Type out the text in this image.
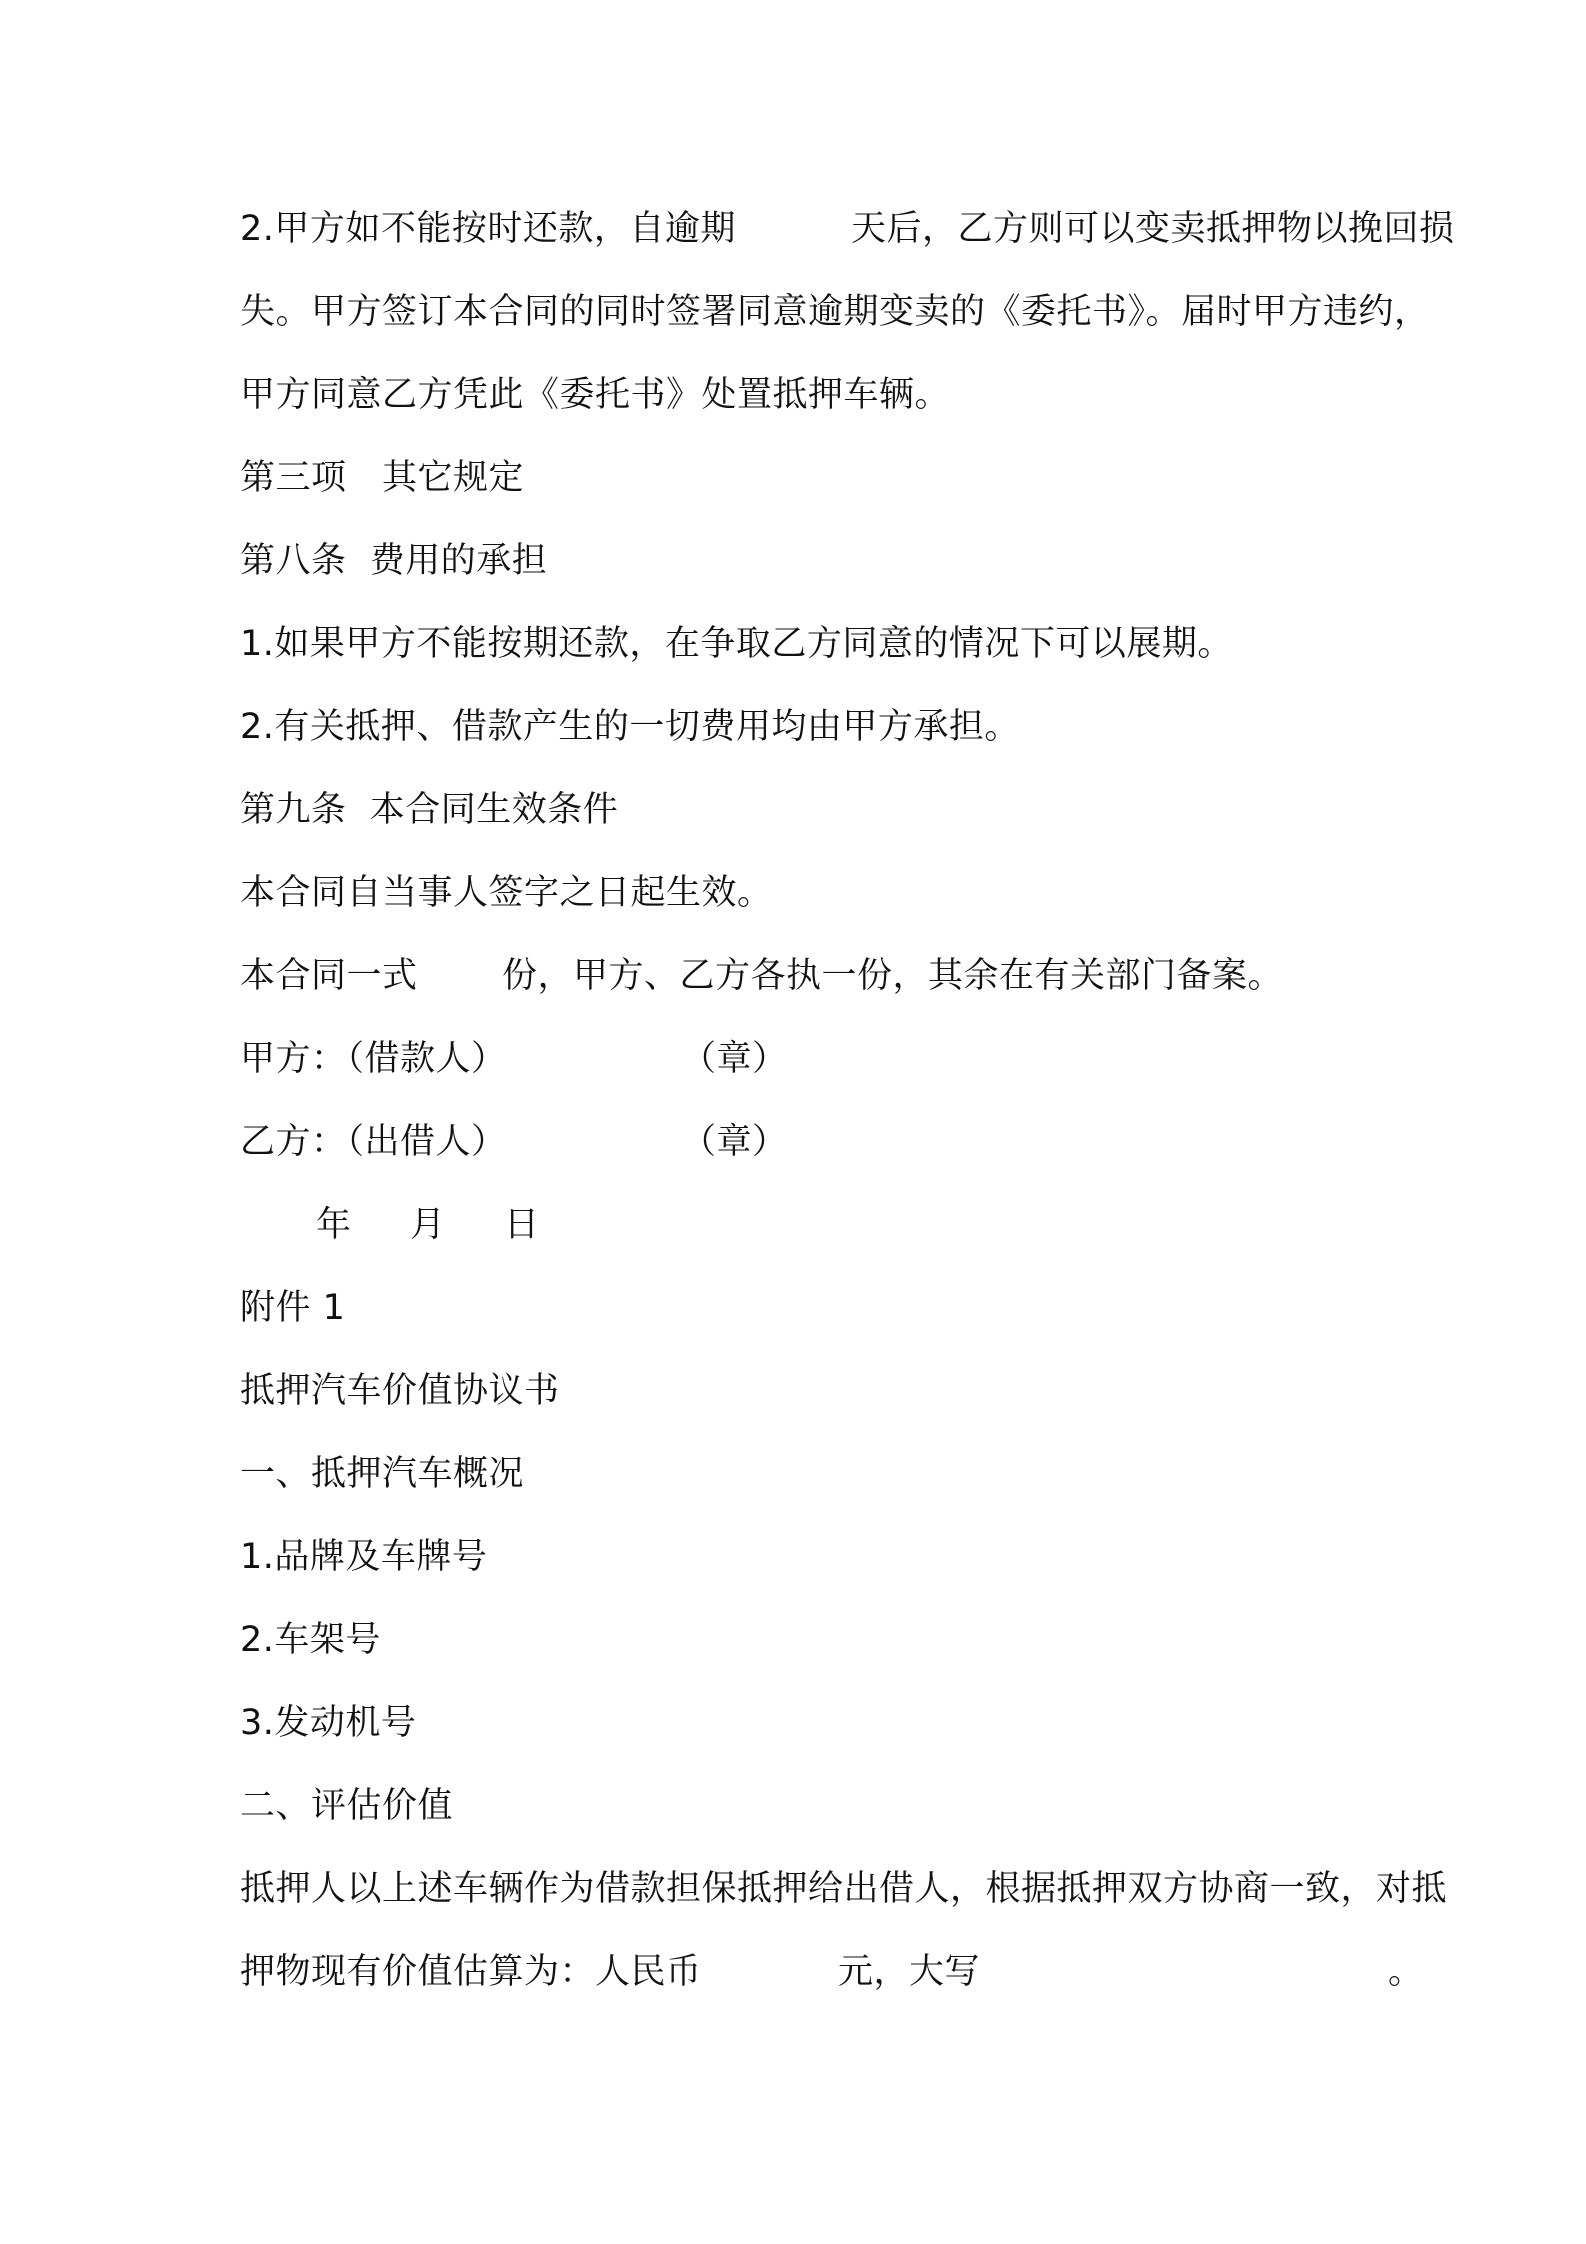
2.甲方如不能按时还款，自逾期

	天后，乙方则可以变卖抵押物以挽回损

失。甲方签订本合同的同时签署同意逾期变卖的《委托书》。届时甲方违约，
甲方同意乙方凭此《委托书》处置抵押车辆。
第三项　其它规定
第八条  费用的承担
1.如果甲方不能按期还款，在争取乙方同意的情况下可以展期。
2.有关抵押、借款产生的一切费用均由甲方承担。
第九条  本合同生效条件
本合同自当事人签字之日起生效。

本合同一式

份，甲方、乙方各执一份，其余在有关部门备案。

甲方：（借款人）

	（章）

乙方：（出借人）

	（章）

年

月

日

附件 1
抵押汽车价值协议书
一、抵押汽车概况
1.品牌及车牌号
2.车架号
3.发动机号
二、评估价值
抵押人以上述车辆作为借款担保抵押给出借人，根据抵押双方协商一致，对抵

押物现有价值估算为：人民币

	元，大写

	。
